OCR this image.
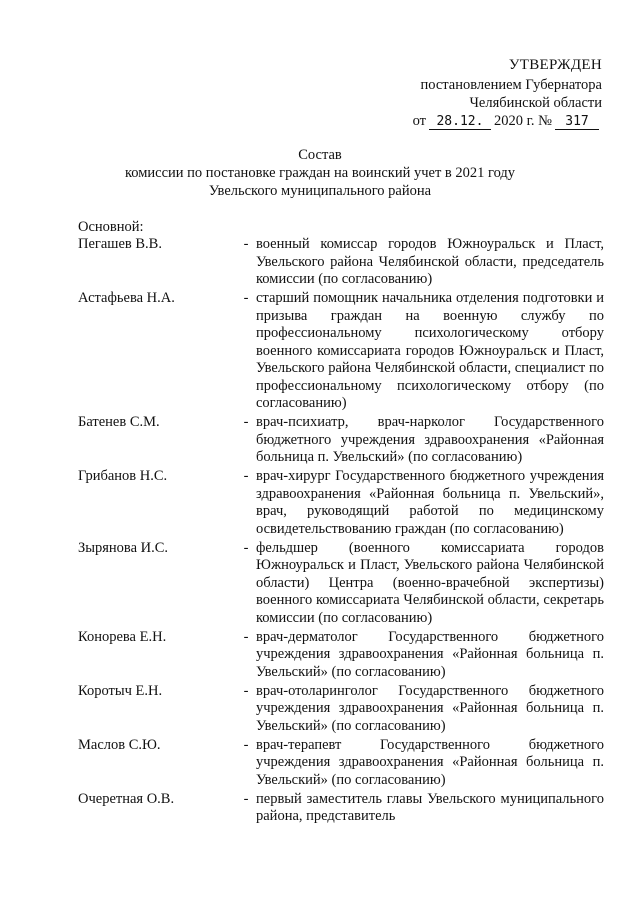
УТВЕРЖДЕН
постановлением Губернатора
Челябинской области
от 28.12. 2020 г. №	317
Состав
комиссии по постановке граждан на воинский учет в 2021 году
Увельского муниципального района
Основной:
Пегашев В.В.	- военный комиссар городов Южноуральск и Пласт, Увельского района Челябинской области, председатель комиссии (по согласованию)
Астафьева Н.А.	- старший помощник начальника отделения подготовки и призыва граждан на военную службу по профессиональному психологическому отбору военного комиссариата городов Южноуральск и Пласт, Увельского района Челябинской области, специалист по профессиональному психологическому отбору (по согласованию)
Батенев С.М.	- врач-психиатр, врач-нарколог Государственного бюджетного учреждения здравоохранения «Районная больница п. Увельский» (по согласованию)
Грибанов Н.С.	- врач-хирург Государственного бюджетного учреждения здравоохранения «Районная больница п. Увельский», врач, руководящий работой по медицинскому освидетельствованию граждан (по согласованию)
Зырянова И.С.	- фельдшер (военного комиссариата городов Южноуральск и Пласт, Увельского района Челябинской области) Центра (военно-врачебной экспертизы) военного комиссариата Челябинской области, секретарь комиссии (по согласованию)
Конорева Е.Н.	- врач-дерматолог Государственного бюджетного учреждения здравоохранения «Районная больница п. Увельский» (по согласованию)
Коротыч Е.Н.	- врач-отоларинголог Государственного бюджетного учреждения здравоохранения «Районная больница п. Увельский» (по согласованию)
Маслов С.Ю.	- врач-терапевт Государственного бюджетного учреждения здравоохранения «Районная больница п. Увельский» (по согласованию)
Очеретная О.В.	- первый заместитель главы Увельского муниципального района, представитель
